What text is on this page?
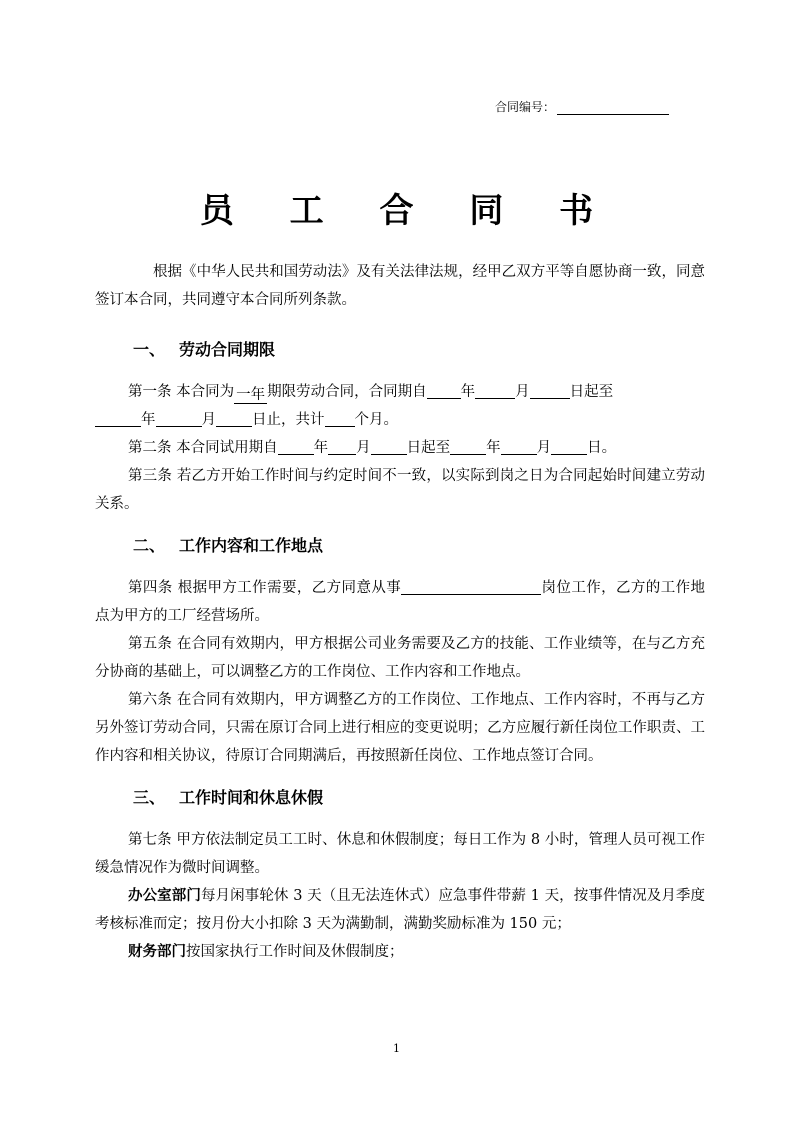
合同编号：
员 工 合 同 书

根据《中华人民共和国劳动法》及有关法律法规，经甲乙双方平等自愿协商一致，同意签订本合同，共同遵守本合同所列条款。

一、 劳动合同期限

第一条 本合同为 一年 期限劳动合同，合同期自 年	月	日起至
年	月 日止，共计 个月。

第二条 本合同试用期自 年 月 日起至 年 月 日。

第三条 若乙方开始工作时间与约定时间不一致，以实际到岗之日为合同起始时间建立劳动关系。

二、 工作内容和工作地点

第四条 根据甲方工作需要，乙方同意从事	岗位工作，乙方的工作地点为甲方的工厂经营场所。

第五条 在合同有效期内，甲方根据公司业务需要及乙方的技能、工作业绩等，在与乙方充分协商的基础上，可以调整乙方的工作岗位、工作内容和工作地点。

第六条 在合同有效期内，甲方调整乙方的工作岗位、工作地点、工作内容时，不再与乙方另外签订劳动合同，只需在原订合同上进行相应的变更说明；乙方应履行新任岗位工作职责、工作内容和相关协议，待原订合同期满后，再按照新任岗位、工作地点签订合同。

三、 工作时间和休息休假

第七条 甲方依法制定员工工时、休息和休假制度；每日工作为 8 小时，管理人员可视工作缓急情况作为微时间调整。

办公室部门每月闲事轮休 3 天（且无法连休式）应急事件带薪 1 天，按事件情况及月季度考核标准而定；按月份大小扣除 3 天为满勤制，满勤奖励标准为 150 元；

财务部门按国家执行工作时间及休假制度；

1
